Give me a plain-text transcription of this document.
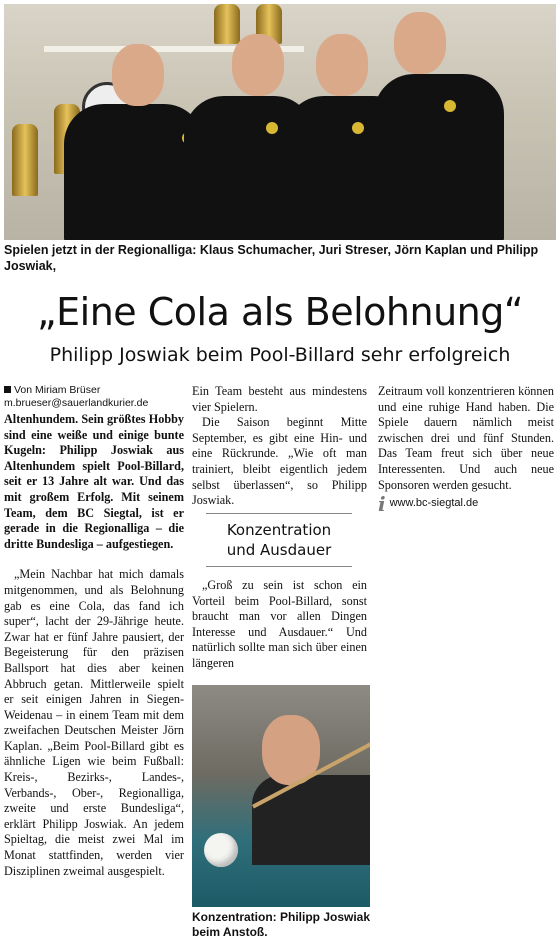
Spielen jetzt in der Regionalliga: Klaus Schumacher, Juri Streser, Jörn Kaplan und Philipp Joswiak,
„Eine Cola als Belohnung“
Philipp Joswiak beim Pool-Billard sehr erfolgreich
Von Miriam Brüser
m.brueser@sauerlandkurier.de

Altenhundem. Sein größtes Hobby sind eine weiße und einige bunte Kugeln: Philipp Joswiak aus Altenhundem spielt Pool-Billard, seit er 13 Jahre alt war. Und das mit großem Erfolg. Mit seinem Team, dem BC Siegtal, ist er gerade in die Regionalliga – die dritte Bundesliga – aufgestiegen.

„Mein Nachbar hat mich damals mitgenommen, und als Belohnung gab es eine Cola, das fand ich super“, lacht der 29-Jährige heute. Zwar hat er fünf Jahre pausiert, der Begeisterung für den präzisen Ballsport hat dies aber keinen Abbruch getan. Mittlerweile spielt er seit einigen Jahren in Siegen-Weidenau – in einem Team mit dem zweifachen Deutschen Meister Jörn Kaplan. „Beim Pool-Billard gibt es ähnliche Ligen wie beim Fußball: Kreis-, Bezirks-, Landes-, Verbands-, Ober-, Regionalliga, zweite und erste Bundesliga“, erklärt Philipp Joswiak. An jedem Spieltag, die meist zwei Mal im Monat stattfinden, werden vier Disziplinen zweimal ausgespielt.

Ein Team besteht aus mindestens vier Spielern.

Die Saison beginnt Mitte September, es gibt eine Hin- und eine Rückrunde. „Wie oft man trainiert, bleibt eigentlich jedem selbst überlassen“, so Philipp Joswiak.

Konzentration
und Ausdauer

„Groß zu sein ist schon ein Vorteil beim Pool-Billard, sonst braucht man vor allen Dingen Interesse und Ausdauer.“ Und natürlich sollte man sich über einen längeren

Konzentration: Philipp Joswiak beim Anstoß.

Zeitraum voll konzentrieren können und eine ruhige Hand haben. Die Spiele dauern nämlich meist zwischen drei und fünf Stunden. Das Team freut sich über neue Interessenten. Und auch neue Sponsoren werden gesucht.

i www.bc-siegtal.de
